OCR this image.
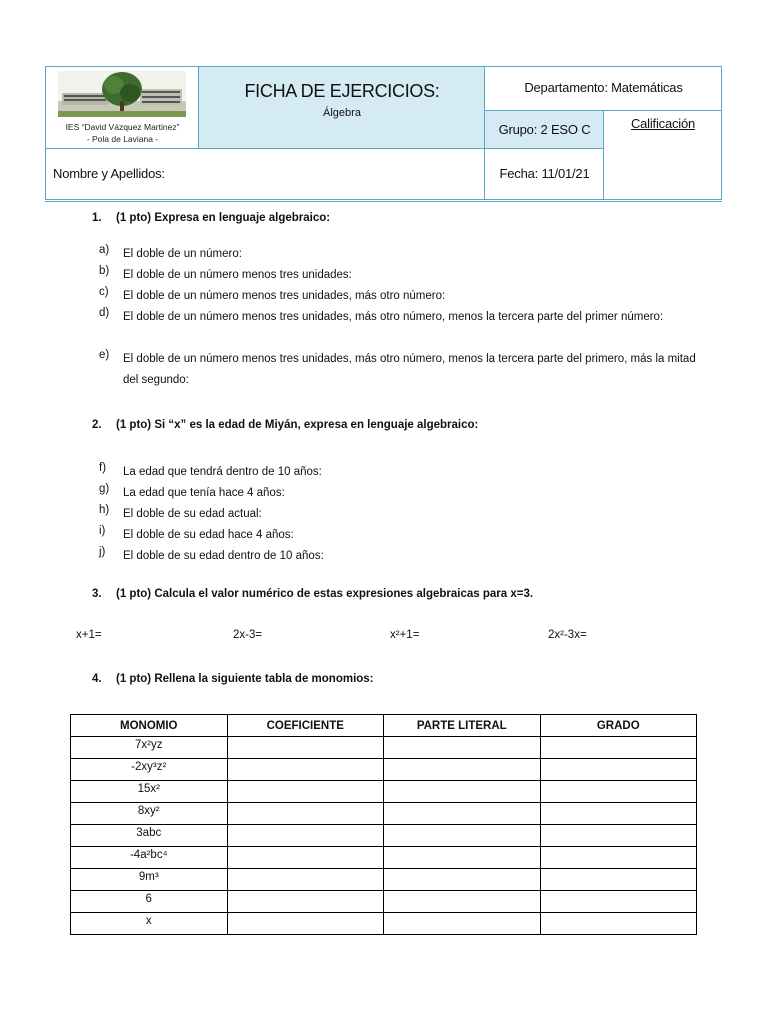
IES “David Vázquez Martinez”
- Pola de Laviana -
FICHA DE EJERCICIOS:
Álgebra
Departamento: Matemáticas
Grupo: 2 ESO C	Calificación
Nombre y Apellidos:	Fecha: 11/01/21
1. (1 pto) Expresa en lenguaje algebraico:
a) El doble de un número:
b) El doble de un número menos tres unidades:
c) El doble de un número menos tres unidades, más otro número:
d) El doble de un número menos tres unidades, más otro número, menos la tercera parte del primer número:
e) El doble de un número menos tres unidades, más otro número, menos la tercera parte del primero, más la mitad del segundo:
2. (1 pto) Si “x” es la edad de Miyán, expresa en lenguaje algebraico:
f) La edad que tendrá dentro de 10 años:
g) La edad que tenía hace 4 años:
h) El doble de su edad actual:
i) El doble de su edad hace 4 años:
j) El doble de su edad dentro de 10 años:
3. (1 pto) Calcula el valor numérico de estas expresiones algebraicas para x=3.
x+1=	2x-3=	x²+1=	2x²-3x=
4. (1 pto) Rellena la siguiente tabla de monomios:
MONOMIO	COEFICIENTE	PARTE LITERAL	GRADO
7x²yz			
-2xy³z²			
15x²			
8xy²			
3abc			
-4a²bc⁴			
9m³			
6			
x			
